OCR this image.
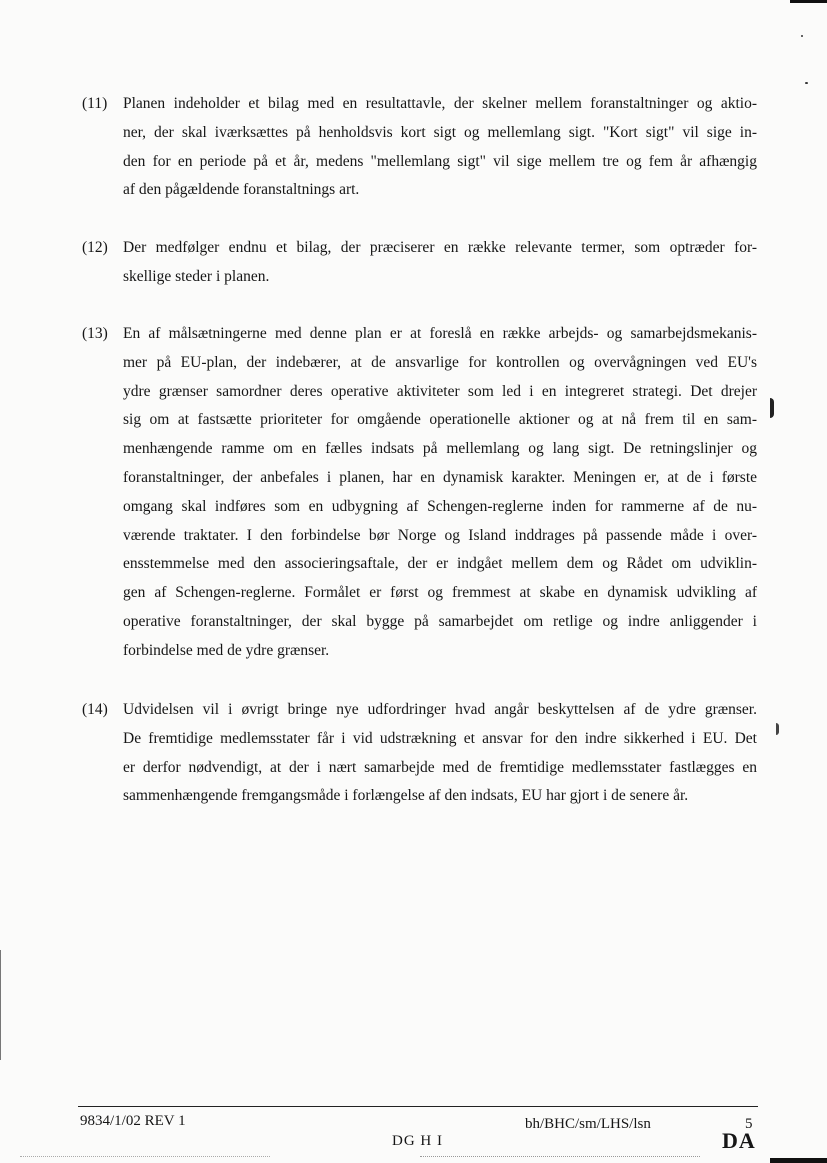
(11) Planen indeholder et bilag med en resultattavle, der skelner mellem foranstaltninger og aktio-
ner, der skal iværksættes på henholdsvis kort sigt og mellemlang sigt. "Kort sigt" vil sige in-
den for en periode på et år, medens "mellemlang sigt" vil sige mellem tre og fem år afhængig
af den pågældende foranstaltnings art.
(12) Der medfølger endnu et bilag, der præciserer en række relevante termer, som optræder for-
skellige steder i planen.
(13) En af målsætningerne med denne plan er at foreslå en række arbejds- og samarbejdsmekanis-
mer på EU-plan, der indebærer, at de ansvarlige for kontrollen og overvågningen ved EU's
ydre grænser samordner deres operative aktiviteter som led i en integreret strategi. Det drejer
sig om at fastsætte prioriteter for omgående operationelle aktioner og at nå frem til en sam-
menhængende ramme om en fælles indsats på mellemlang og lang sigt. De retningslinjer og
foranstaltninger, der anbefales i planen, har en dynamisk karakter. Meningen er, at de i første
omgang skal indføres som en udbygning af Schengen-reglerne inden for rammerne af de nu-
værende traktater. I den forbindelse bør Norge og Island inddrages på passende måde i over-
ensstemmelse med den associeringsaftale, der er indgået mellem dem og Rådet om udviklin-
gen af Schengen-reglerne. Formålet er først og fremmest at skabe en dynamisk udvikling af
operative foranstaltninger, der skal bygge på samarbejdet om retlige og indre anliggender i
forbindelse med de ydre grænser.
(14) Udvidelsen vil i øvrigt bringe nye udfordringer hvad angår beskyttelsen af de ydre grænser.
De fremtidige medlemsstater får i vid udstrækning et ansvar for den indre sikkerhed i EU. Det
er derfor nødvendigt, at der i nært samarbejde med de fremtidige medlemsstater fastlægges en
sammenhængende fremgangsmåde i forlængelse af den indsats, EU har gjort i de senere år.
9834/1/02 REV 1	bh/BHC/sm/LHS/lsn	5
DG H I	DA
